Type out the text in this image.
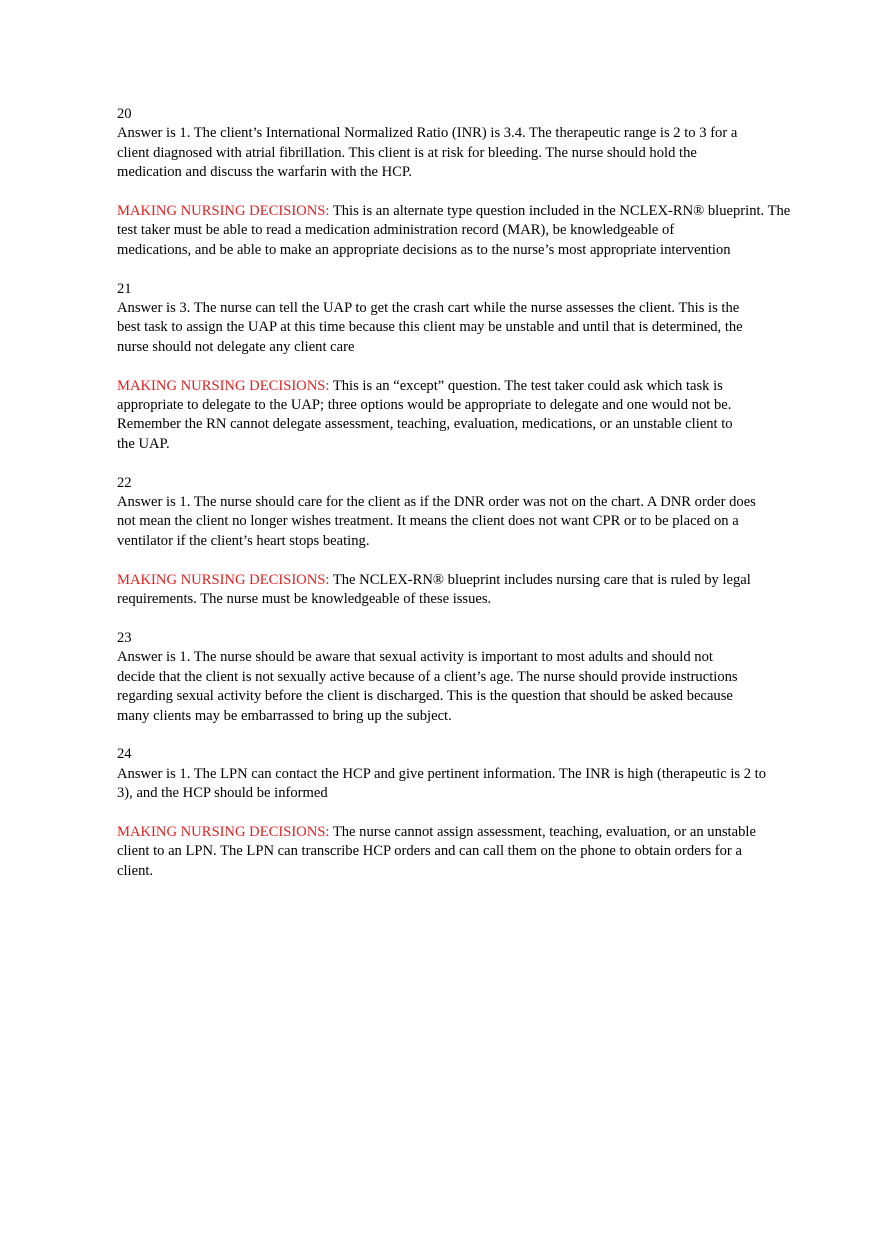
20

Answer is 1. The client’s International Normalized Ratio (INR) is 3.4. The therapeutic range is 2 to 3 for a
client diagnosed with atrial fibrillation. This client is at risk for bleeding. The nurse should hold the
medication and discuss the warfarin with the HCP.

MAKING NURSING DECISIONS: This is an alternate type question included in the NCLEX-RN® blueprint. The
test taker must be able to read a medication administration record (MAR), be knowledgeable of
medications, and be able to make an appropriate decisions as to the nurse’s most appropriate intervention

21

Answer is 3. The nurse can tell the UAP to get the crash cart while the nurse assesses the client. This is the
best task to assign the UAP at this time because this client may be unstable and until that is determined, the
nurse should not delegate any client care

MAKING NURSING DECISIONS: This is an “except” question. The test taker could ask which task is
appropriate to delegate to the UAP; three options would be appropriate to delegate and one would not be.
Remember the RN cannot delegate assessment, teaching, evaluation, medications, or an unstable client to
the UAP.

22

Answer is 1. The nurse should care for the client as if the DNR order was not on the chart. A DNR order does
not mean the client no longer wishes treatment. It means the client does not want CPR or to be placed on a
ventilator if the client’s heart stops beating.

MAKING NURSING DECISIONS: The NCLEX-RN® blueprint includes nursing care that is ruled by legal
requirements. The nurse must be knowledgeable of these issues.

23

Answer is 1. The nurse should be aware that sexual activity is important to most adults and should not
decide that the client is not sexually active because of a client’s age. The nurse should provide instructions
regarding sexual activity before the client is discharged. This is the question that should be asked because
many clients may be embarrassed to bring up the subject.

24

Answer is 1. The LPN can contact the HCP and give pertinent information. The INR is high (therapeutic is 2 to
3), and the HCP should be informed

MAKING NURSING DECISIONS: The nurse cannot assign assessment, teaching, evaluation, or an unstable
client to an LPN. The LPN can transcribe HCP orders and can call them on the phone to obtain orders for a
client.
